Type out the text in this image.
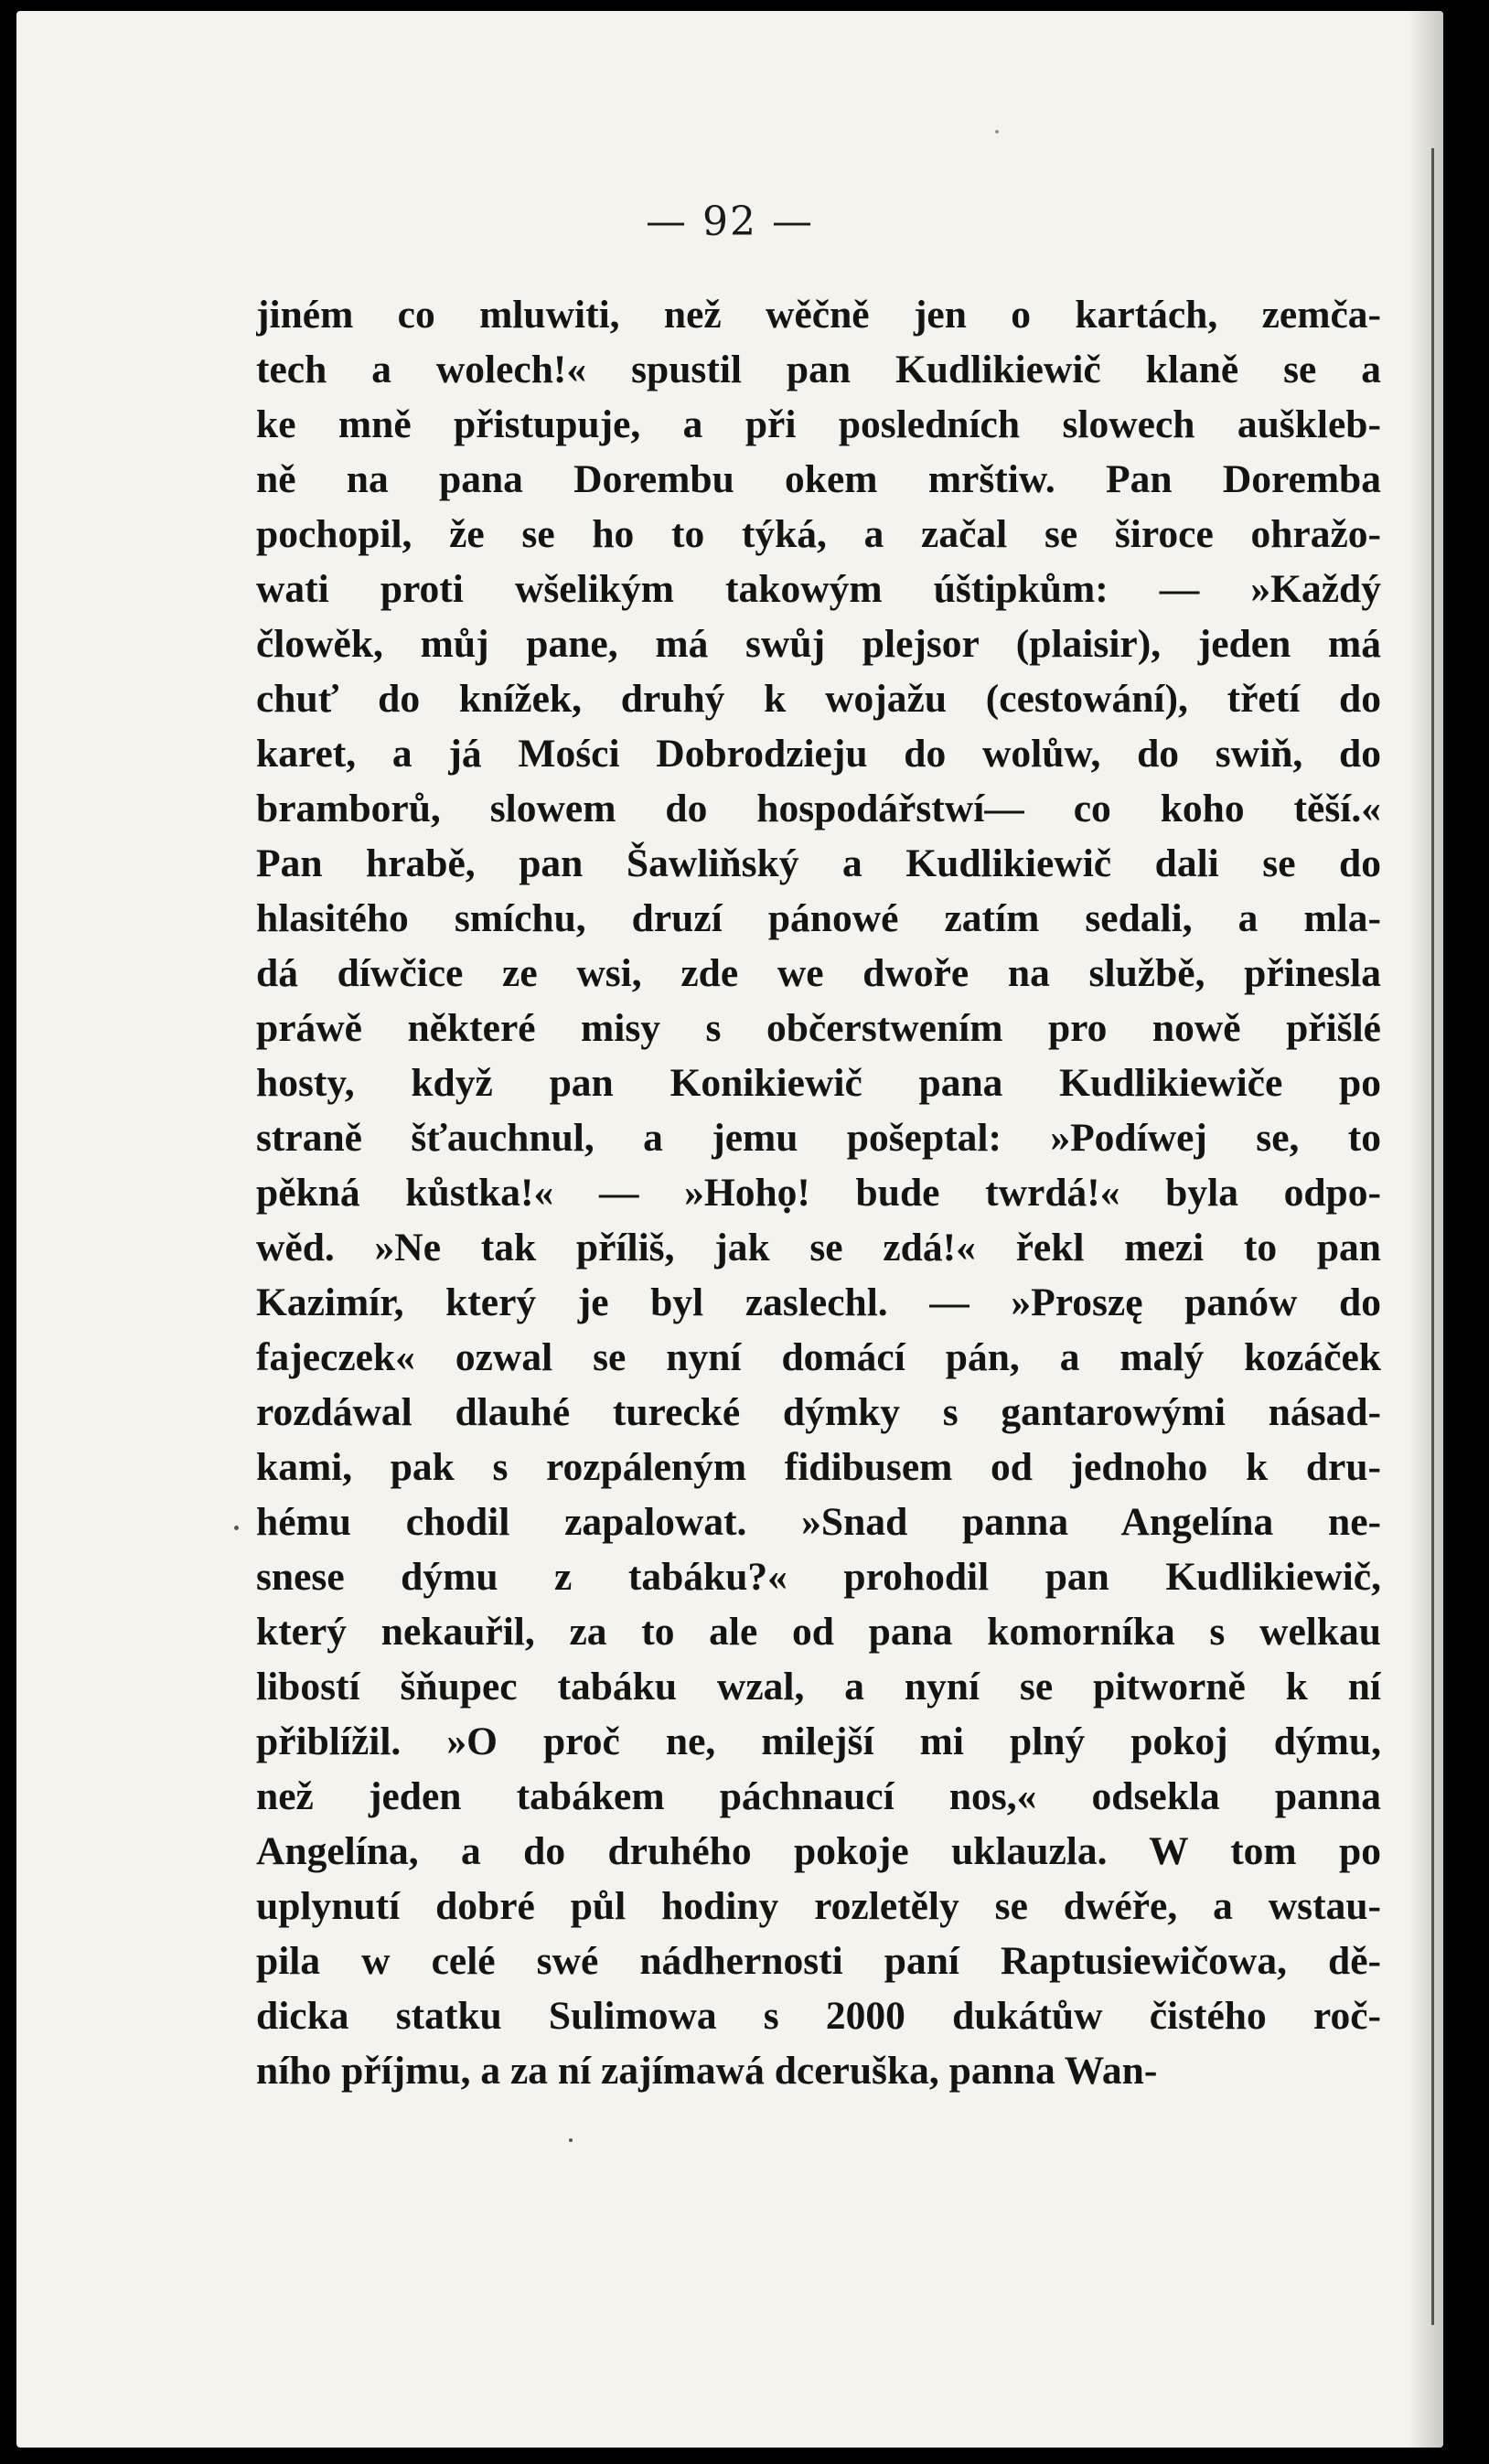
— 92 —
jiném co mluwiti, než wěčně jen o kartách, zemča-
tech a wolech!« spustil pan Kudlikiewič klaně se a
ke mně přistupuje, a při posledních slowech aušklеb-
ně na pana Dorembu okem mrštiw. Pan Doremba
pochopil, že se ho to týká, a začal se široce ohražo-
wati proti wšelikým takowým úštipkům: — »Každý
člowěk, můj pane, má swůj plejsor (plaisir), jeden má
chuť do knížek, druhý k wojažu (cestowání), třetí do
karet, a já Mości Dobrodzieju do wolůw, do swiň, do
bramborů, slowem do hospodářstwí— co koho těší.«
Pan hrabě, pan Šawliňský a Kudlikiewič dali se do
hlasitého smíchu, druzí pánowé zatím sedali, a mla-
dá díwčice ze wsi, zde we dwoře na službě, přinesla
práwě některé misy s občerstwením pro nowě přišlé
hosty, když pan Konikiewič pana Kudlikiewiče po
straně šťauchnul, a jemu pošeptal: »Podíwej se, to
pěkná kůstka!« — »Hohọ! bude twrdá!« byla odpo-
wěd. »Ne tak příliš, jak se zdá!« řekl mezi to pan
Kazimír, který je byl zaslechl. — »Proszę panów do
fajeczek« ozwal se nyní domácí pán, a malý kozáček
rozdáwal dlauhé turecké dýmky s gantarowými násad-
kami, pak s rozpáleným fidibusem od jednoho k dru-
hému chodil zapalowat. »Snad panna Angelína ne-
snese dýmu z tabáku?« prohodil pan Kudlikiewič,
který nekauřil, za to ale od pana komorníka s welkau
libostí šňupec tabáku wzal, a nyní se pitworně k ní
přiblížil. »O proč ne, milejší mi plný pokoj dýmu,
než jeden tabákem páchnaucí nos,« odsekla panna
Angelína, a do druhého pokoje uklauzla. W tom po
uplynutí dobré půl hodiny rozletěly se dwéře, a wstau-
pila w celé swé nádhernosti paní Raptusiewičowa, dě-
dicka statku Sulimowa s 2000 dukátůw čistého roč-
ního příjmu, a za ní zajímawá dceruška, panna Wan-
